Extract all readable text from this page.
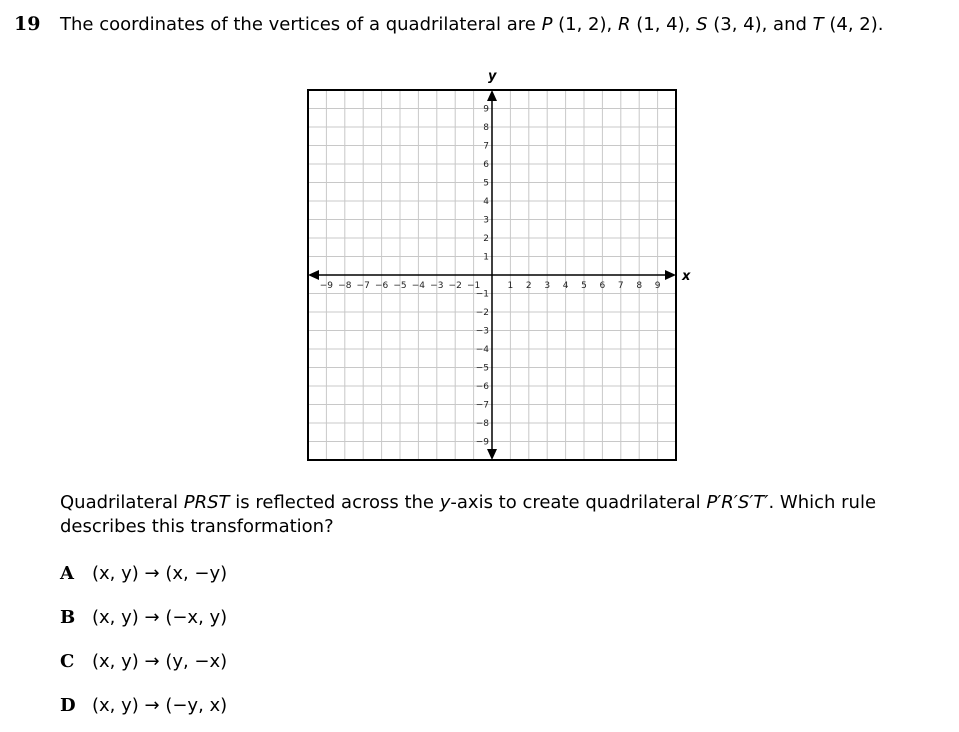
19 The coordinates of the vertices of a quadrilateral are P (1, 2), R (1, 4), S (3, 4), and T (4, 2).
x
y
−9 −8 −7 −6 −5 −4 −3 −2 −1	1 2 3 4 5 6 7 8 9
9
8
7
6
5
4
3
2
1
−1
−2
−3
−4
−5
−6
−7
−8
−9
Quadrilateral PRST is reflected across the y-axis to create quadrilateral P′R′S′T′. Which rule describes this transformation?
A (x, y) → (x, −y)
B (x, y) → (−x, y)
C (x, y) → (y, −x)
D (x, y) → (−y, x)
